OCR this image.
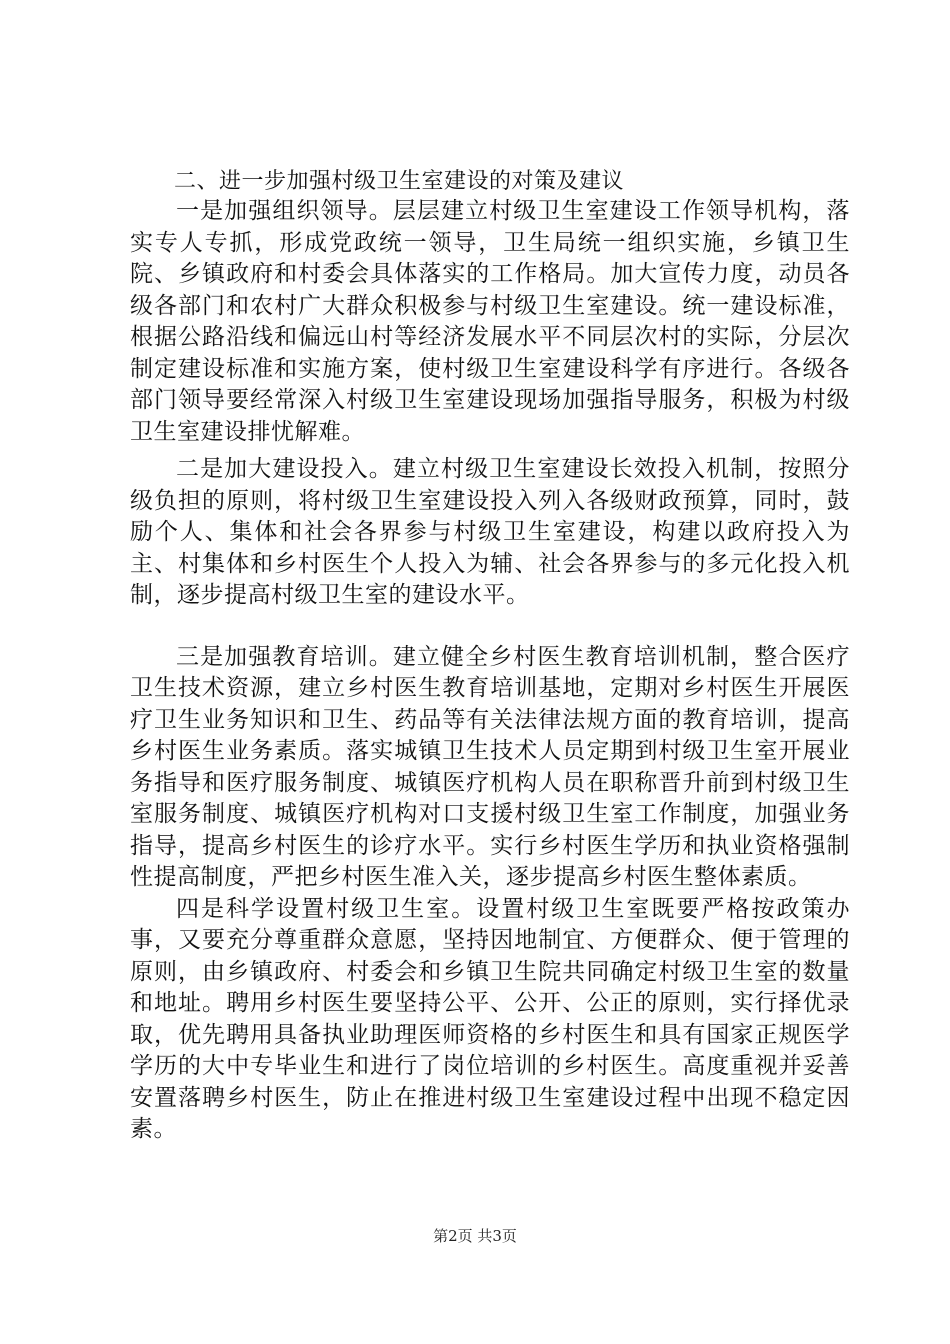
二、进一步加强村级卫生室建设的对策及建议

一是加强组织领导。层层建立村级卫生室建设工作领导机构，落实专人专抓，形成党政统一领导，卫生局统一组织实施，乡镇卫生院、乡镇政府和村委会具体落实的工作格局。加大宣传力度，动员各级各部门和农村广大群众积极参与村级卫生室建设。统一建设标准，根据公路沿线和偏远山村等经济发展水平不同层次村的实际，分层次制定建设标准和实施方案，使村级卫生室建设科学有序进行。各级各部门领导要经常深入村级卫生室建设现场加强指导服务，积极为村级卫生室建设排忧解难。

二是加大建设投入。建立村级卫生室建设长效投入机制，按照分级负担的原则，将村级卫生室建设投入列入各级财政预算，同时，鼓励个人、集体和社会各界参与村级卫生室建设，构建以政府投入为主、村集体和乡村医生个人投入为辅、社会各界参与的多元化投入机制，逐步提高村级卫生室的建设水平。

三是加强教育培训。建立健全乡村医生教育培训机制，整合医疗卫生技术资源，建立乡村医生教育培训基地，定期对乡村医生开展医疗卫生业务知识和卫生、药品等有关法律法规方面的教育培训，提高乡村医生业务素质。落实城镇卫生技术人员定期到村级卫生室开展业务指导和医疗服务制度、城镇医疗机构人员在职称晋升前到村级卫生室服务制度、城镇医疗机构对口支援村级卫生室工作制度，加强业务指导，提高乡村医生的诊疗水平。实行乡村医生学历和执业资格强制性提高制度，严把乡村医生准入关，逐步提高乡村医生整体素质。

四是科学设置村级卫生室。设置村级卫生室既要严格按政策办事，又要充分尊重群众意愿，坚持因地制宜、方便群众、便于管理的原则，由乡镇政府、村委会和乡镇卫生院共同确定村级卫生室的数量和地址。聘用乡村医生要坚持公平、公开、公正的原则，实行择优录取，优先聘用具备执业助理医师资格的乡村医生和具有国家正规医学学历的大中专毕业生和进行了岗位培训的乡村医生。高度重视并妥善安置落聘乡村医生，防止在推进村级卫生室建设过程中出现不稳定因素。

第2页 共3页
